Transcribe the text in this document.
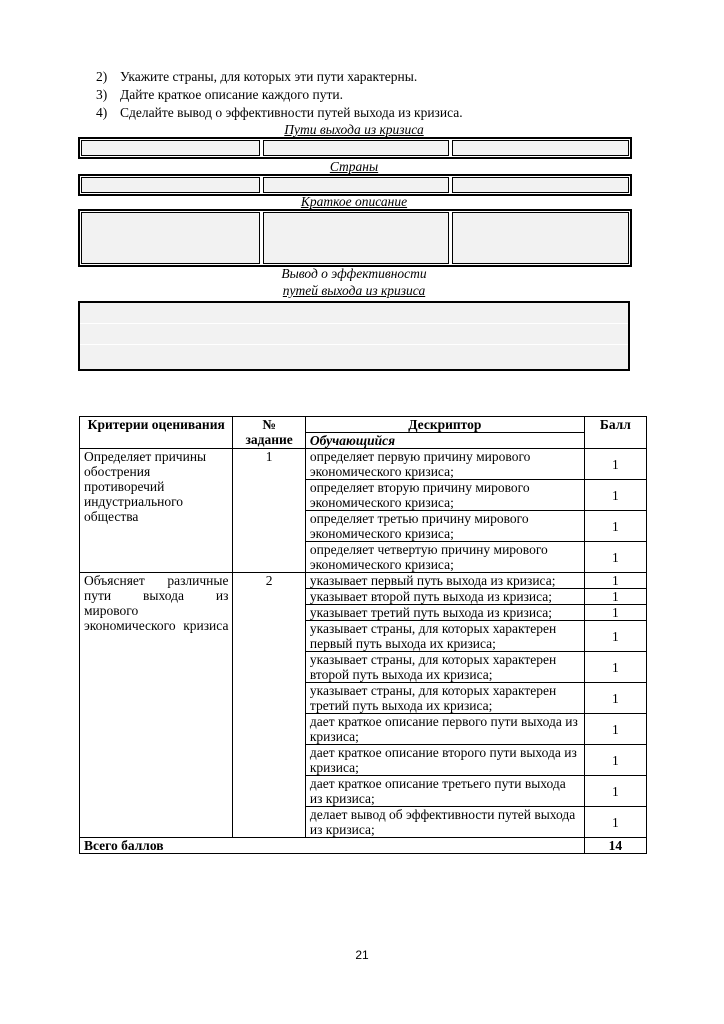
2) Укажите страны, для которых эти пути характерны.
3) Дайте краткое описание каждого пути.
4) Сделайте вывод о эффективности путей выхода из кризиса.
Пути выхода из кризиса
Страны
Краткое описание
Вывод о эффективности
путей выхода из кризиса
Критерии оценивания	№ задание	Дескриптор	Балл
		Обучающийся	
Определяет причины обострения противоречий индустриального общества	1	определяет первую причину мирового экономического кризиса;	1
		определяет вторую причину мирового экономического кризиса;	1
		определяет третью причину мирового экономического кризиса;	1
		определяет четвертую причину мирового экономического кризиса;	1
Объясняет различные пути выхода из мирового экономического кризиса	2	указывает первый путь выхода из кризиса;	1
		указывает второй путь выхода из кризиса;	1
		указывает третий путь выхода из кризиса;	1
		указывает страны, для которых характерен первый путь выхода их кризиса;	1
		указывает страны, для которых характерен второй путь выхода их кризиса;	1
		указывает страны, для которых характерен третий путь выхода их кризиса;	1
		дает краткое описание первого пути выхода из кризиса;	1
		дает краткое описание второго пути выхода из кризиса;	1
		дает краткое описание третьего пути выхода из кризиса;	1
		делает вывод об эффективности путей выхода из кризиса;	1
Всего баллов			14
21
